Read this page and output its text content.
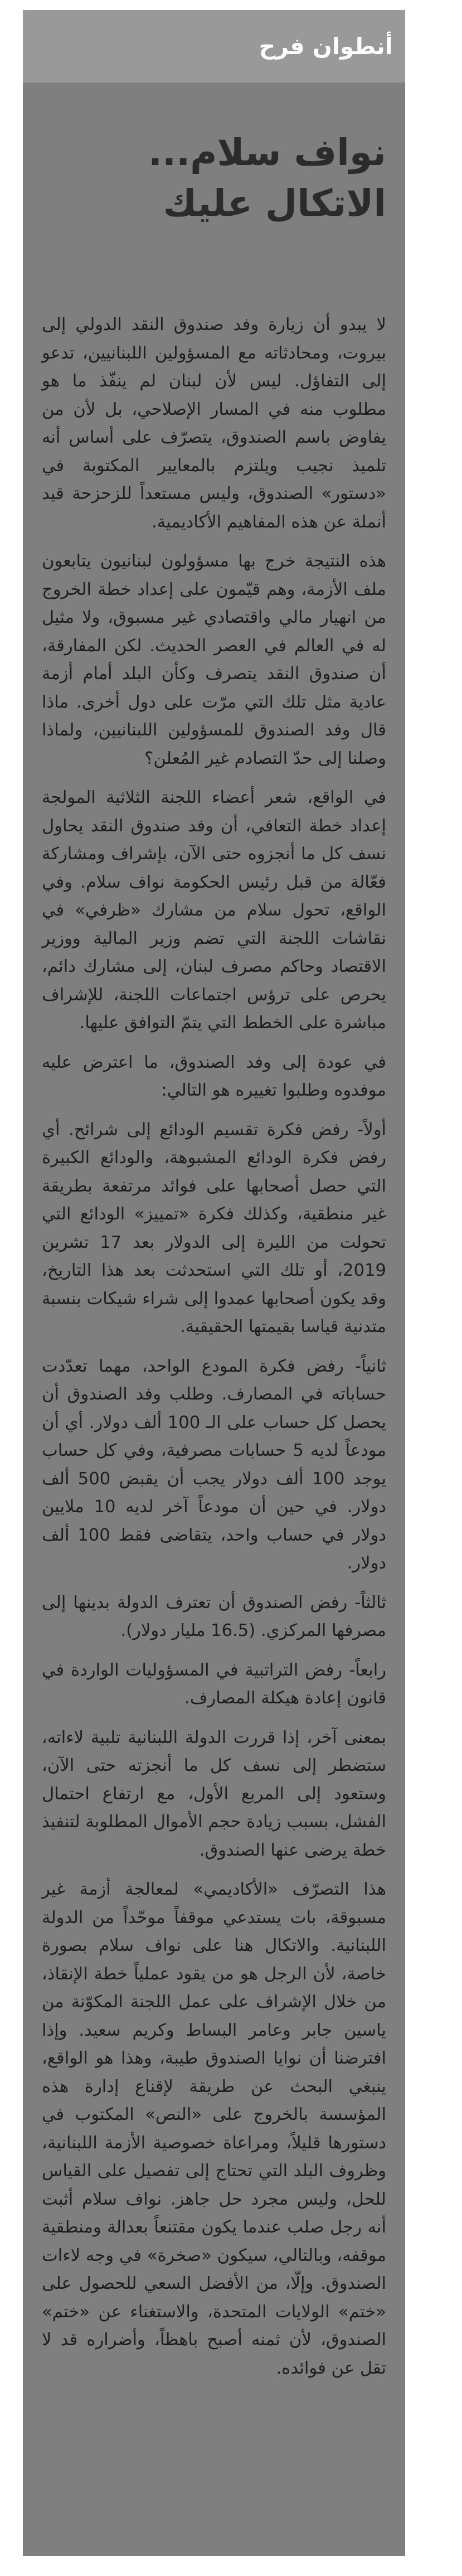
أنطوان فرح
نواف سلام...
الاتكال عليك

لا يبدو أن زيارة وفد صندوق النقد الدولي إلى بيروت، ومحادثاته مع المسؤولين اللبنانيين، تدعو إلى التفاؤل. ليس لأن لبنان لم ينفّذ ما هو مطلوب منه في المسار الإصلاحي، بل لأن من يفاوض باسم الصندوق، يتصرّف على أساس أنه تلميذ نجيب ويلتزم بالمعايير المكتوبة في «دستور» الصندوق، وليس مستعداً للزحزحة قيد أنملة عن هذه المفاهيم الأكاديمية.

هذه النتيجة خرج بها مسؤولون لبنانيون يتابعون ملف الأزمة، وهم قيّمون على إعداد خطة الخروج من انهيار مالي واقتصادي غير مسبوق، ولا مثيل له في العالم في العصر الحديث. لكن المفارقة، أن صندوق النقد يتصرف وكأن البلد أمام أزمة عادية مثل تلك التي مرّت على دول أخرى. ماذا قال وفد الصندوق للمسؤولين اللبنانيين، ولماذا وصلنا إلى حدّ التصادم غير المُعلن؟

في الواقع، شعر أعضاء اللجنة الثلاثية المولجة إعداد خطة التعافي، أن وفد صندوق النقد يحاول نسف كل ما أنجزوه حتى الآن، بإشراف ومشاركة فعّالة من قبل رئيس الحكومة نواف سلام. وفي الواقع، تحول سلام من مشارك «ظرفي» في نقاشات اللجنة التي تضم وزير المالية ووزير الاقتصاد وحاكم مصرف لبنان، إلى مشارك دائم، يحرص على ترؤس اجتماعات اللجنة، للإشراف مباشرة على الخطط التي يتمّ التوافق عليها.

في عودة إلى وفد الصندوق، ما اعترض عليه موفدوه وطلبوا تغييره هو التالي:

أولاً- رفض فكرة تقسيم الودائع إلى شرائح. أي رفض فكرة الودائع المشبوهة، والودائع الكبيرة التي حصل أصحابها على فوائد مرتفعة بطريقة غير منطقية، وكذلك فكرة «تمييز» الودائع التي تحولت من الليرة إلى الدولار بعد 17 تشرين 2019، أو تلك التي استحدثت بعد هذا التاريخ، وقد يكون أصحابها عمدوا إلى شراء شيكات بنسبة متدنية قياسا بقيمتها الحقيقية.

ثانياً- رفض فكرة المودع الواحد، مهما تعدّدت حساباته في المصارف. وطلب وفد الصندوق أن يحصل كل حساب على الـ 100 ألف دولار. أي أن مودعاً لديه 5 حسابات مصرفية، وفي كل حساب يوجد 100 ألف دولار يجب أن يقبض 500 ألف دولار. في حين أن مودعاً آخر لديه 10 ملايين دولار في حساب واحد، يتقاضى فقط 100 ألف دولار.

ثالثاً- رفض الصندوق أن تعترف الدولة بدينها إلى مصرفها المركزي. (16.5 مليار دولار).

رابعاً- رفض التراتبية في المسؤوليات الواردة في قانون إعادة هيكلة المصارف.

بمعنى آخر، إذا قررت الدولة اللبنانية تلبية لاءاته، ستضطر إلى نسف كل ما أنجزته حتى الآن، وستعود إلى المربع الأول، مع ارتفاع احتمال الفشل، بسبب زيادة حجم الأموال المطلوبة لتنفيذ خطة يرضى عنها الصندوق.

هذا التصرّف «الأكاديمي» لمعالجة أزمة غير مسبوقة، بات يستدعي موقفاً موحّداً من الدولة اللبنانية. والاتكال هنا على نواف سلام بصورة خاصة، لأن الرجل هو من يقود عملياً خطة الإنقاذ، من خلال الإشراف على عمل اللجنة المكوّنة من ياسين جابر وعامر البساط وكريم سعيد. وإذا افترضنا أن نوايا الصندوق طيبة، وهذا هو الواقع، ينبغي البحث عن طريقة لإقناع إدارة هذه المؤسسة بالخروج على «النص» المكتوب في دستورها قليلاً، ومراعاة خصوصية الأزمة اللبنانية، وظروف البلد التي تحتاج إلى تفصيل على القياس للحل، وليس مجرد حل جاهز. نواف سلام أثبت أنه رجل صلب عندما يكون مقتنعاً بعدالة ومنطقية موقفه، وبالتالي، سيكون «صخرة» في وجه لاءات الصندوق. وإلّا، من الأفضل السعي للحصول على «ختم» الولايات المتحدة، والاستغناء عن «ختم» الصندوق، لأن ثمنه أصبح باهظاً، وأضراره قد لا تقل عن فوائده.
